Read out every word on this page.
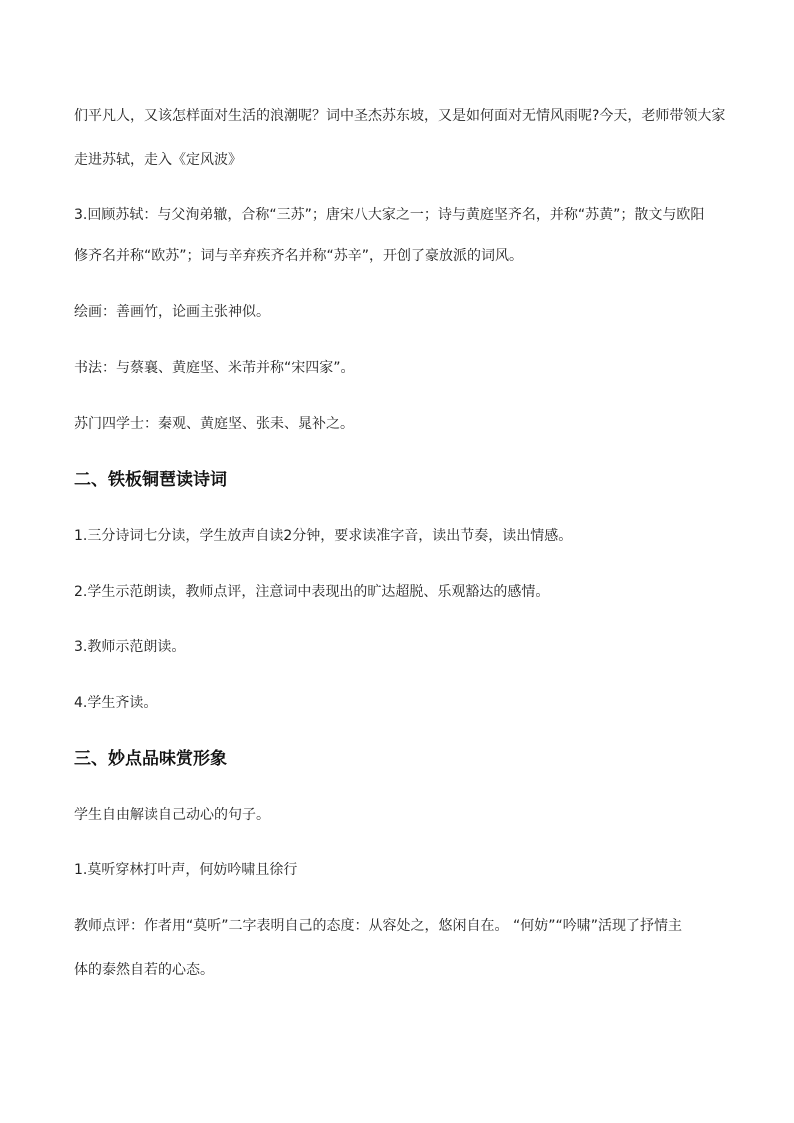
们平凡人，又该怎样面对生活的浪潮呢？词中圣杰苏东坡，又是如何面对无情风雨呢?今天，老师带领大家

走进苏轼，走入《定风波》

3.回顾苏轼：与父洵弟辙，合称“三苏”；唐宋八大家之一；诗与黄庭坚齐名，并称“苏黄”；散文与欧阳

修齐名并称“欧苏”；词与辛弃疾齐名并称“苏辛”，开创了豪放派的词风。

绘画：善画竹，论画主张神似。

书法：与蔡襄、黄庭坚、米芾并称“宋四家”。

苏门四学士：秦观、黄庭坚、张耒、晁补之。

二、铁板铜琶读诗词

1.三分诗词七分读，学生放声自读2分钟，要求读准字音，读出节奏，读出情感。

2.学生示范朗读，教师点评，注意词中表现出的旷达超脱、乐观豁达的感情。

3.教师示范朗读。

4.学生齐读。

三、妙点品味赏形象

学生自由解读自己动心的句子。

1.莫听穿林打叶声，何妨吟啸且徐行

教师点评：作者用“莫听”二字表明自己的态度：从容处之，悠闲自在。 “何妨”“吟啸”活现了抒情主

体的泰然自若的心态。
